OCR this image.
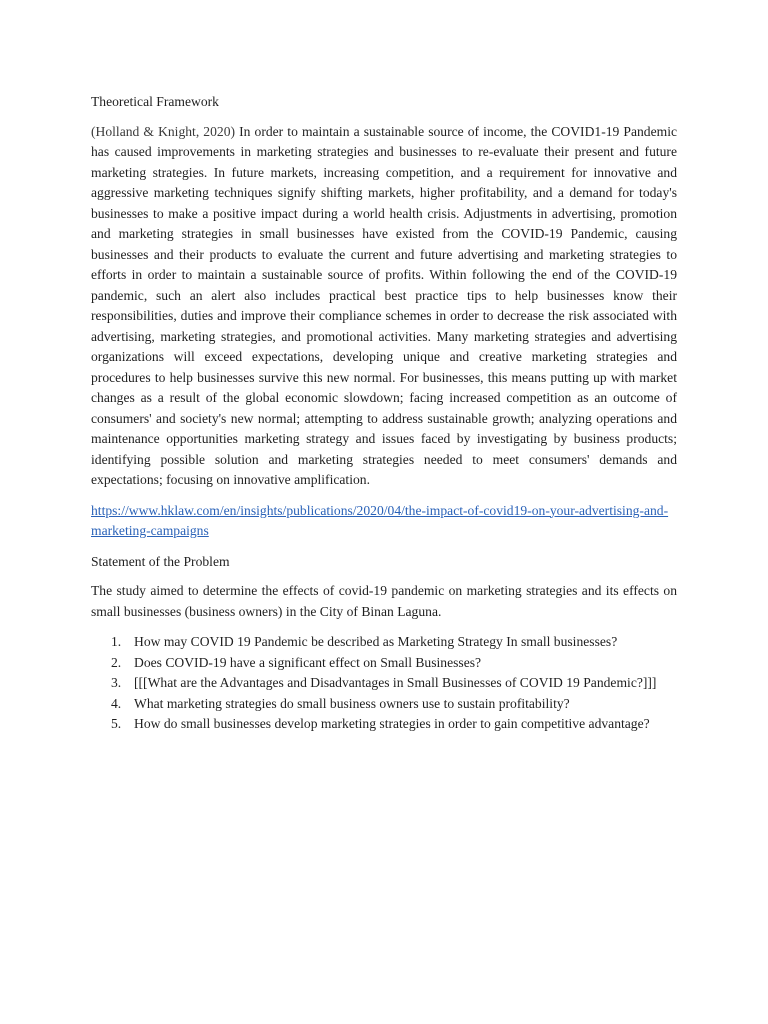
Theoretical Framework

(Holland & Knight, 2020) In order to maintain a sustainable source of income, the COVID1-19 Pandemic has caused improvements in marketing strategies and businesses to re-evaluate their present and future marketing strategies. In future markets, increasing competition, and a requirement for innovative and aggressive marketing techniques signify shifting markets, higher profitability, and a demand for today's businesses to make a positive impact during a world health crisis. Adjustments in advertising, promotion and marketing strategies in small businesses have existed from the COVID-19 Pandemic, causing businesses and their products to evaluate the current and future advertising and marketing strategies to efforts in order to maintain a sustainable source of profits. Within following the end of the COVID-19 pandemic, such an alert also includes practical best practice tips to help businesses know their responsibilities, duties and improve their compliance schemes in order to decrease the risk associated with advertising, marketing strategies, and promotional activities. Many marketing strategies and advertising organizations will exceed expectations, developing unique and creative marketing strategies and procedures to help businesses survive this new normal. For businesses, this means putting up with market changes as a result of the global economic slowdown; facing increased competition as an outcome of consumers' and society's new normal; attempting to address sustainable growth; analyzing operations and maintenance opportunities marketing strategy and issues faced by investigating by business products; identifying possible solution and marketing strategies needed to meet consumers' demands and expectations; focusing on innovative amplification.

https://www.hklaw.com/en/insights/publications/2020/04/the-impact-of-covid19-on-your-advertising-and-marketing-campaigns
Statement of the Problem

The study aimed to determine the effects of covid-19 pandemic on marketing strategies and its effects on small businesses (business owners) in the City of Binan Laguna.

1. How may COVID 19 Pandemic be described as Marketing Strategy In small businesses?
2. Does COVID-19 have a significant effect on Small Businesses?
3. [[[What are the Advantages and Disadvantages in Small Businesses of COVID 19 Pandemic?]]]
4. What marketing strategies do small business owners use to sustain profitability?
5. How do small businesses develop marketing strategies in order to gain competitive advantage?
